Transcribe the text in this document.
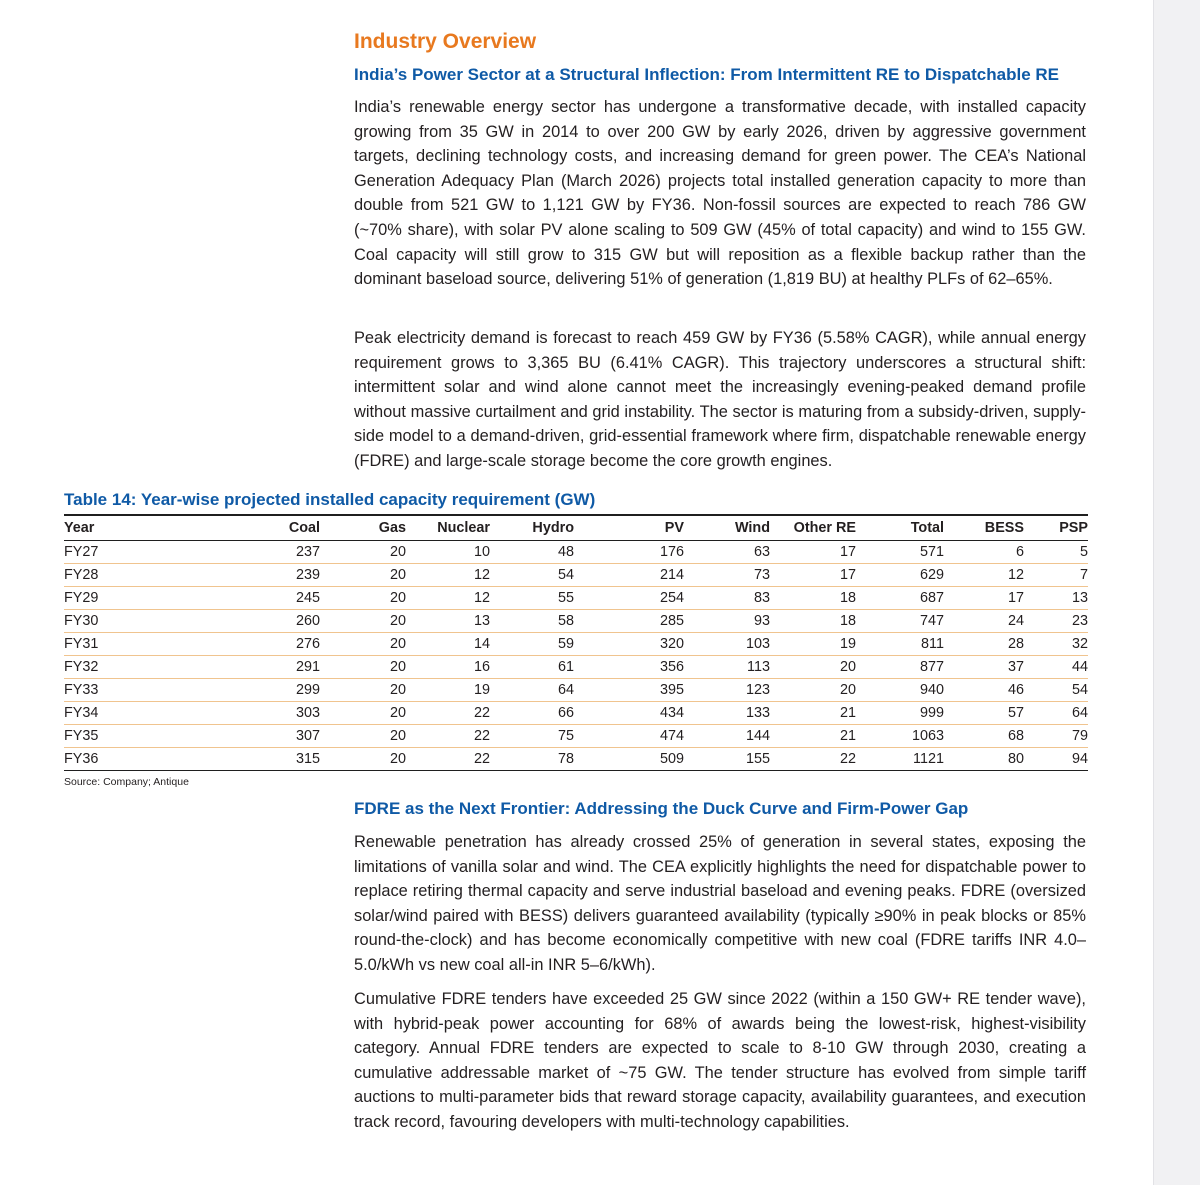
Industry Overview
India’s Power Sector at a Structural Inflection: From Intermittent RE to Dispatchable RE
India’s renewable energy sector has undergone a transformative decade, with installed capacity growing from 35 GW in 2014 to over 200 GW by early 2026, driven by aggressive government targets, declining technology costs, and increasing demand for green power. The CEA’s National Generation Adequacy Plan (March 2026) projects total installed generation capacity to more than double from 521 GW to 1,121 GW by FY36. Non-fossil sources are expected to reach 786 GW (~70% share), with solar PV alone scaling to 509 GW (45% of total capacity) and wind to 155 GW. Coal capacity will still grow to 315 GW but will reposition as a flexible backup rather than the dominant baseload source, delivering 51% of generation (1,819 BU) at healthy PLFs of 62–65%.
Peak electricity demand is forecast to reach 459 GW by FY36 (5.58% CAGR), while annual energy requirement grows to 3,365 BU (6.41% CAGR). This trajectory underscores a structural shift: intermittent solar and wind alone cannot meet the increasingly evening-peaked demand profile without massive curtailment and grid instability. The sector is maturing from a subsidy-driven, supply-side model to a demand-driven, grid-essential framework where firm, dispatchable renewable energy (FDRE) and large-scale storage become the core growth engines.
Table 14: Year-wise projected installed capacity requirement (GW)
Year	Coal	Gas	Nuclear	Hydro	PV	Wind	Other RE	Total	BESS	PSP
FY27	237	20	10	48	176	63	17	571	6	5
FY28	239	20	12	54	214	73	17	629	12	7
FY29	245	20	12	55	254	83	18	687	17	13
FY30	260	20	13	58	285	93	18	747	24	23
FY31	276	20	14	59	320	103	19	811	28	32
FY32	291	20	16	61	356	113	20	877	37	44
FY33	299	20	19	64	395	123	20	940	46	54
FY34	303	20	22	66	434	133	21	999	57	64
FY35	307	20	22	75	474	144	21	1063	68	79
FY36	315	20	22	78	509	155	22	1121	80	94
Source: Company; Antique
FDRE as the Next Frontier: Addressing the Duck Curve and Firm-Power Gap
Renewable penetration has already crossed 25% of generation in several states, exposing the limitations of vanilla solar and wind. The CEA explicitly highlights the need for dispatchable power to replace retiring thermal capacity and serve industrial baseload and evening peaks. FDRE (oversized solar/wind paired with BESS) delivers guaranteed availability (typically ≥90% in peak blocks or 85% round-the-clock) and has become economically competitive with new coal (FDRE tariffs INR 4.0–5.0/kWh vs new coal all-in INR 5–6/kWh).
Cumulative FDRE tenders have exceeded 25 GW since 2022 (within a 150 GW+ RE tender wave), with hybrid-peak power accounting for 68% of awards being the lowest-risk, highest-visibility category. Annual FDRE tenders are expected to scale to 8-10 GW through 2030, creating a cumulative addressable market of ~75 GW. The tender structure has evolved from simple tariff auctions to multi-parameter bids that reward storage capacity, availability guarantees, and execution track record, favouring developers with multi-technology capabilities.
